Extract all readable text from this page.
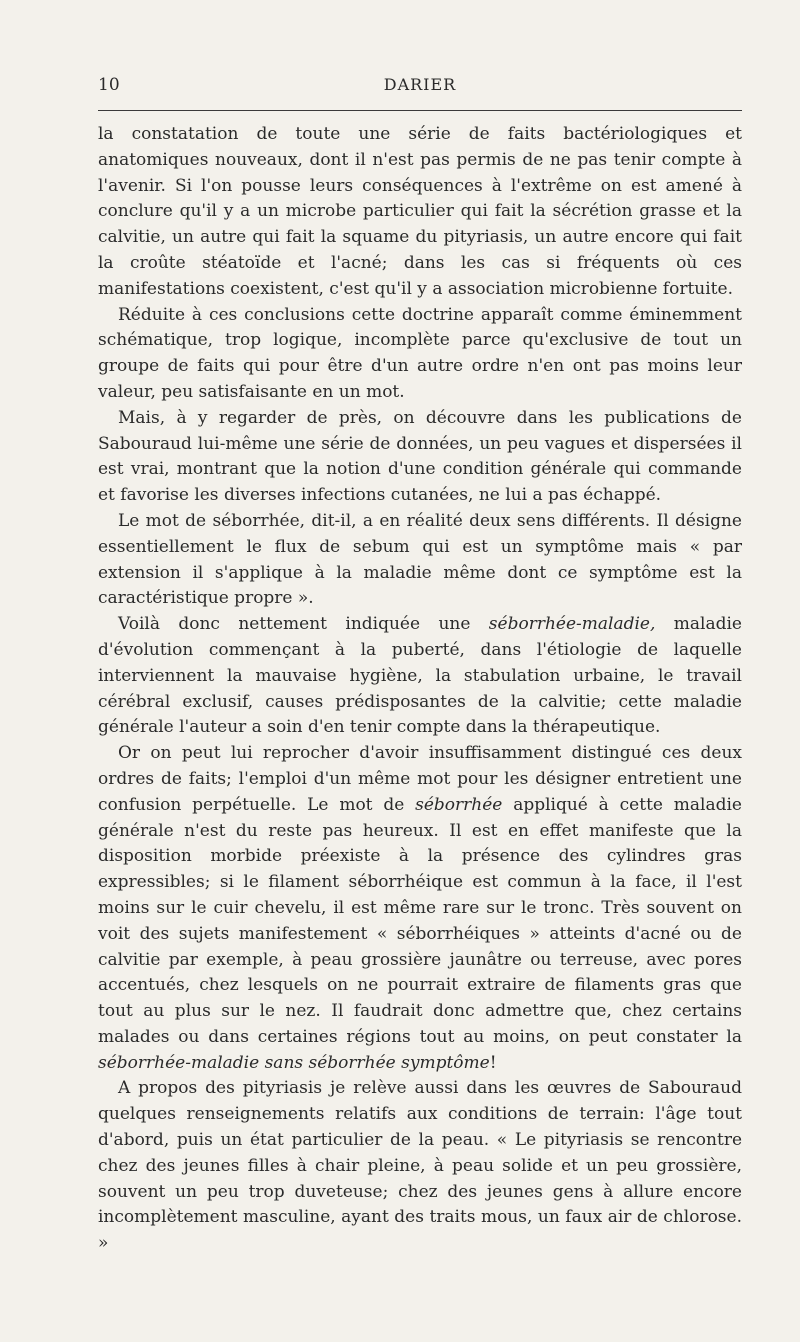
10	DARIER

la constatation de toute une série de faits bactériologiques et anatomiques nouveaux, dont il n'est pas permis de ne pas tenir compte à l'avenir. Si l'on pousse leurs conséquences à l'extrême on est amené à conclure qu'il y a un microbe particulier qui fait la sécrétion grasse et la calvitie, un autre qui fait la squame du pityriasis, un autre encore qui fait la croûte stéatoïde et l'acné; dans les cas si fréquents où ces manifestations coexistent, c'est qu'il y a association microbienne fortuite.

Réduite à ces conclusions cette doctrine apparaît comme éminemment schématique, trop logique, incomplète parce qu'exclusive de tout un groupe de faits qui pour être d'un autre ordre n'en ont pas moins leur valeur, peu satisfaisante en un mot.

Mais, à y regarder de près, on découvre dans les publications de Sabouraud lui-même une série de données, un peu vagues et dispersées il est vrai, montrant que la notion d'une condition générale qui commande et favorise les diverses infections cutanées, ne lui a pas échappé.

Le mot de séborrhée, dit-il, a en réalité deux sens différents. Il désigne essentiellement le flux de sebum qui est un symptôme mais « par extension il s'applique à la maladie même dont ce symptôme est la caractéristique propre ».

Voilà donc nettement indiquée une séborrhée-maladie, maladie d'évolution commençant à la puberté, dans l'étiologie de laquelle interviennent la mauvaise hygiène, la stabulation urbaine, le travail cérébral exclusif, causes prédisposantes de la calvitie; cette maladie générale l'auteur a soin d'en tenir compte dans la thérapeutique.

Or on peut lui reprocher d'avoir insuffisamment distingué ces deux ordres de faits; l'emploi d'un même mot pour les désigner entretient une confusion perpétuelle. Le mot de séborrhée appliqué à cette maladie générale n'est du reste pas heureux. Il est en effet manifeste que la disposition morbide préexiste à la présence des cylindres gras expressibles; si le filament séborrhéique est commun à la face, il l'est moins sur le cuir chevelu, il est même rare sur le tronc. Très souvent on voit des sujets manifestement « séborrhéiques » atteints d'acné ou de calvitie par exemple, à peau grossière jaunâtre ou terreuse, avec pores accentués, chez lesquels on ne pourrait extraire de filaments gras que tout au plus sur le nez. Il faudrait donc admettre que, chez certains malades ou dans certaines régions tout au moins, on peut constater la séborrhée-maladie sans séborrhée symptôme!

A propos des pityriasis je relève aussi dans les œuvres de Sabouraud quelques renseignements relatifs aux conditions de terrain: l'âge tout d'abord, puis un état particulier de la peau. « Le pityriasis se rencontre chez des jeunes filles à chair pleine, à peau solide et un peu grossière, souvent un peu trop duveteuse; chez des jeunes gens à allure encore incomplètement masculine, ayant des traits mous, un faux air de chlorose. »
